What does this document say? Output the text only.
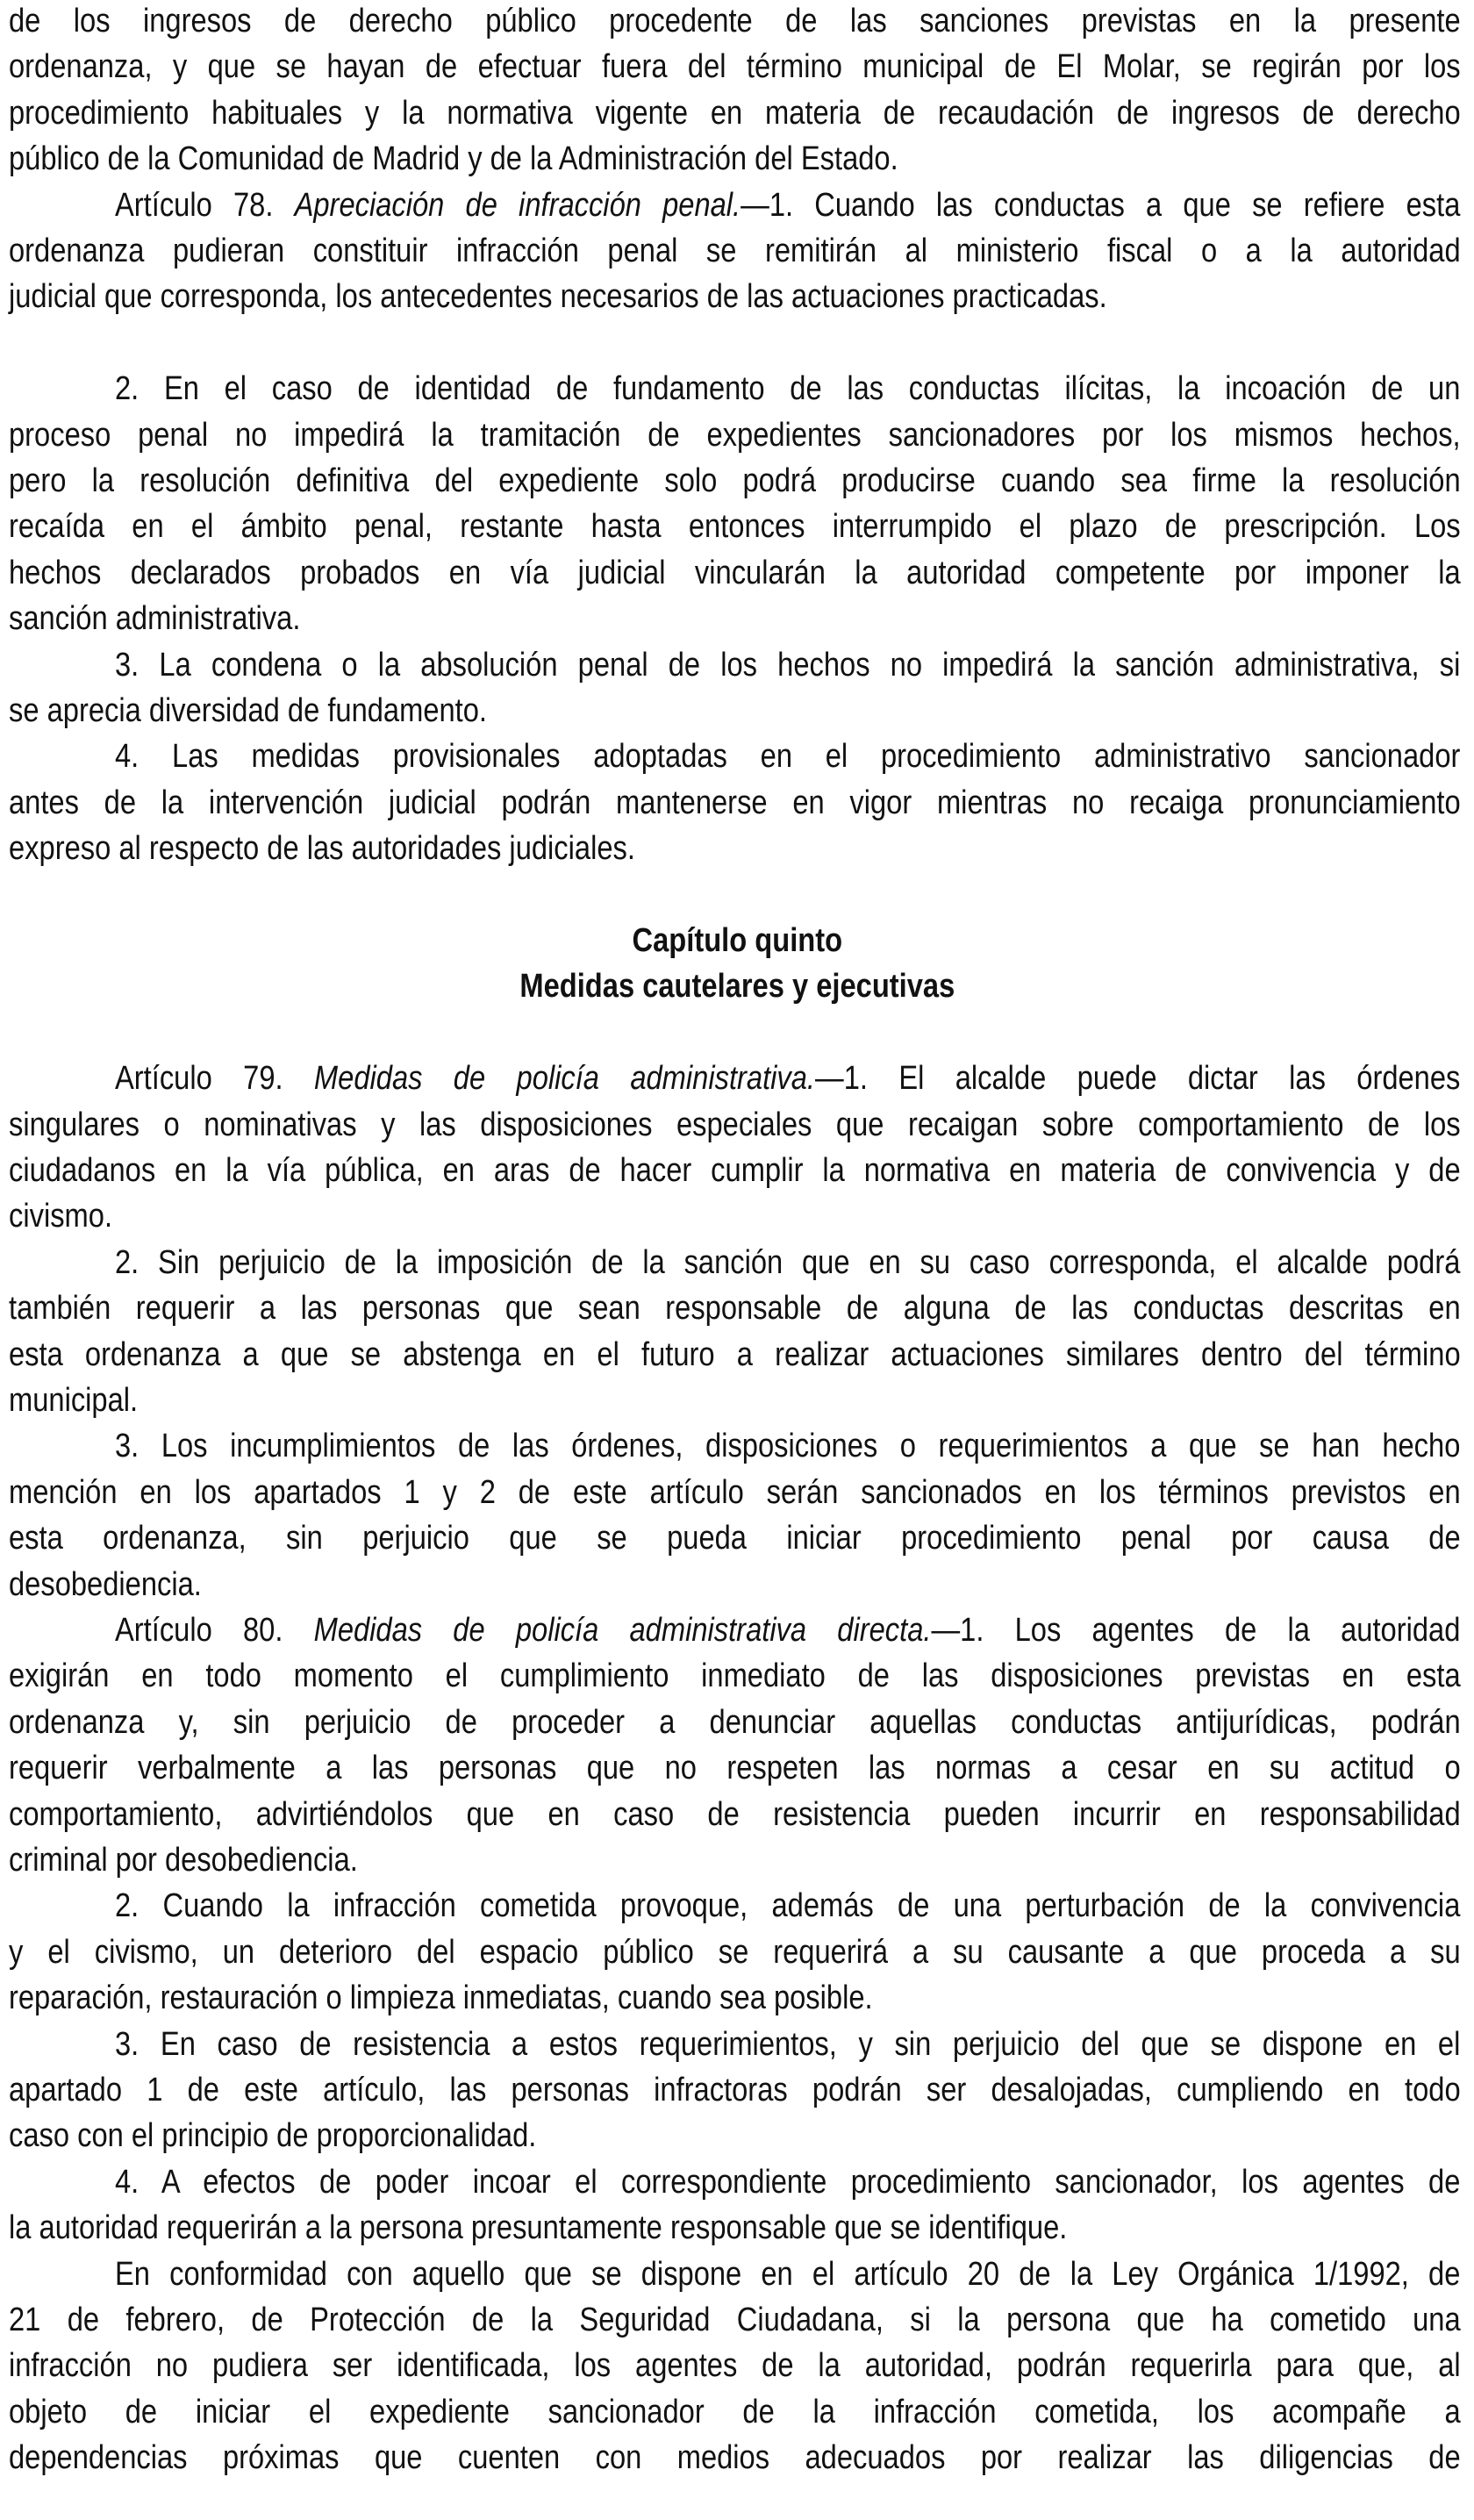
Capítulo quinto
Medidas cautelares y ejecutivas
de los ingresos de derecho público procedente de las sanciones previstas en la presente
ordenanza, y que se hayan de efectuar fuera del término municipal de El Molar, se regirán por los
procedimiento habituales y la normativa vigente en materia de recaudación de ingresos de derecho
público de la Comunidad de Madrid y de la Administración del Estado.
Artículo 78. Apreciación de infracción penal.—1. Cuando las conductas a que se refiere esta
ordenanza pudieran constituir infracción penal se remitirán al ministerio fiscal o a la autoridad
judicial que corresponda, los antecedentes necesarios de las actuaciones practicadas.
2. En el caso de identidad de fundamento de las conductas ilícitas, la incoación de un
proceso penal no impedirá la tramitación de expedientes sancionadores por los mismos hechos,
pero la resolución definitiva del expediente solo podrá producirse cuando sea firme la resolución
recaída en el ámbito penal, restante hasta entonces interrumpido el plazo de prescripción. Los
hechos declarados probados en vía judicial vincularán la autoridad competente por imponer la
sanción administrativa.
3. La condena o la absolución penal de los hechos no impedirá la sanción administrativa, si
se aprecia diversidad de fundamento.
4. Las medidas provisionales adoptadas en el procedimiento administrativo sancionador
antes de la intervención judicial podrán mantenerse en vigor mientras no recaiga pronunciamiento
expreso al respecto de las autoridades judiciales.
Artículo 79. Medidas de policía administrativa.—1. El alcalde puede dictar las órdenes
singulares o nominativas y las disposiciones especiales que recaigan sobre comportamiento de los
ciudadanos en la vía pública, en aras de hacer cumplir la normativa en materia de convivencia y de
civismo.
2. Sin perjuicio de la imposición de la sanción que en su caso corresponda, el alcalde podrá
también requerir a las personas que sean responsable de alguna de las conductas descritas en
esta ordenanza a que se abstenga en el futuro a realizar actuaciones similares dentro del término
municipal.
3. Los incumplimientos de las órdenes, disposiciones o requerimientos a que se han hecho
mención en los apartados 1 y 2 de este artículo serán sancionados en los términos previstos en
esta ordenanza, sin perjuicio que se pueda iniciar procedimiento penal por causa de
desobediencia.
Artículo 80. Medidas de policía administrativa directa.—1. Los agentes de la autoridad
exigirán en todo momento el cumplimiento inmediato de las disposiciones previstas en esta
ordenanza y, sin perjuicio de proceder a denunciar aquellas conductas antijurídicas, podrán
requerir verbalmente a las personas que no respeten las normas a cesar en su actitud o
comportamiento, advirtiéndolos que en caso de resistencia pueden incurrir en responsabilidad
criminal por desobediencia.
2. Cuando la infracción cometida provoque, además de una perturbación de la convivencia
y el civismo, un deterioro del espacio público se requerirá a su causante a que proceda a su
reparación, restauración o limpieza inmediatas, cuando sea posible.
3. En caso de resistencia a estos requerimientos, y sin perjuicio del que se dispone en el
apartado 1 de este artículo, las personas infractoras podrán ser desalojadas, cumpliendo en todo
caso con el principio de proporcionalidad.
4. A efectos de poder incoar el correspondiente procedimiento sancionador, los agentes de
la autoridad requerirán a la persona presuntamente responsable que se identifique.
En conformidad con aquello que se dispone en el artículo 20 de la Ley Orgánica 1/1992, de
21 de febrero, de Protección de la Seguridad Ciudadana, si la persona que ha cometido una
infracción no pudiera ser identificada, los agentes de la autoridad, podrán requerirla para que, al
objeto de iniciar el expediente sancionador de la infracción cometida, los acompañe a
dependencias próximas que cuenten con medios adecuados por realizar las diligencias de
